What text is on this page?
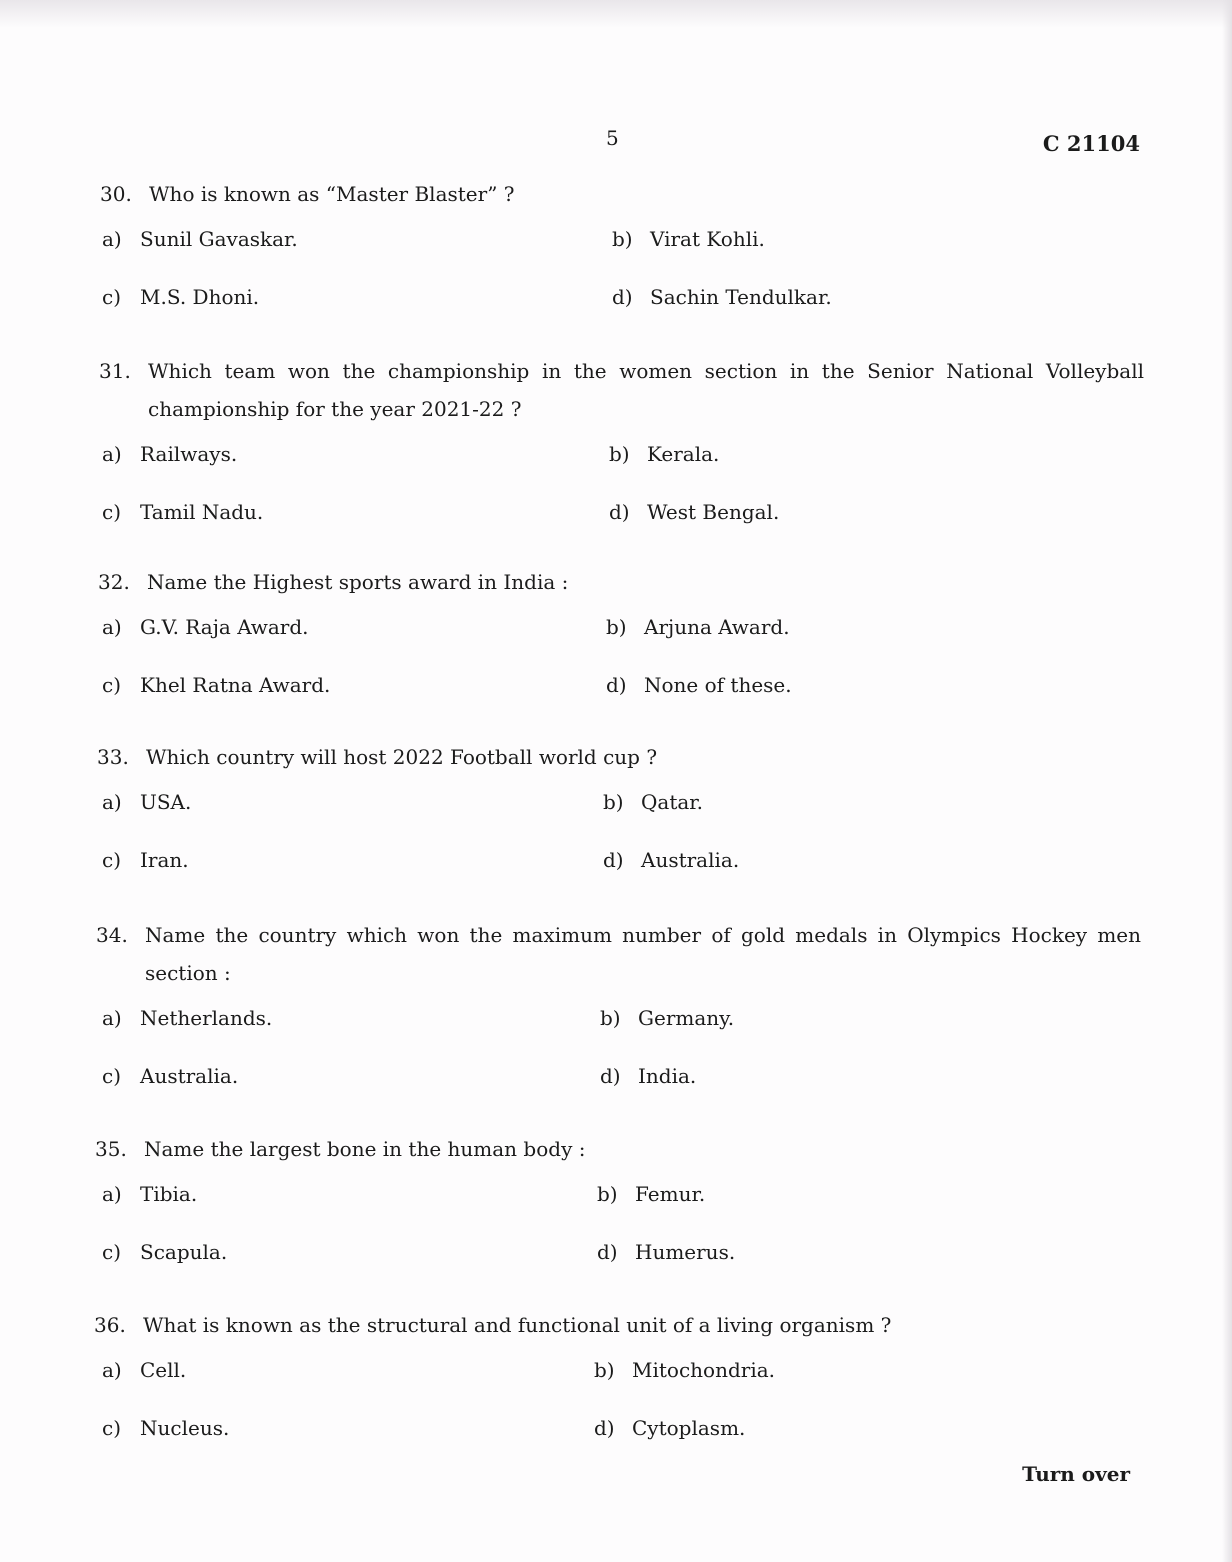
5	C 21104
30. Who is known as “Master Blaster” ?
a) Sunil Gavaskar.	b) Virat Kohli.
c) M.S. Dhoni.	d) Sachin Tendulkar.
31. Which team won the championship in the women section in the Senior National Volleyball championship for the year 2021-22 ?
a) Railways.	b) Kerala.
c) Tamil Nadu.	d) West Bengal.
32. Name the Highest sports award in India :
a) G.V. Raja Award.	b) Arjuna Award.
c) Khel Ratna Award.	d) None of these.
33. Which country will host 2022 Football world cup ?
a) USA.	b) Qatar.
c) Iran.	d) Australia.
34. Name the country which won the maximum number of gold medals in Olympics Hockey men section :
a) Netherlands.	b) Germany.
c) Australia.	d) India.
35. Name the largest bone in the human body :
a) Tibia.	b) Femur.
c) Scapula.	d) Humerus.
36. What is known as the structural and functional unit of a living organism ?
a) Cell.	b) Mitochondria.
c) Nucleus.	d) Cytoplasm.
Turn over
